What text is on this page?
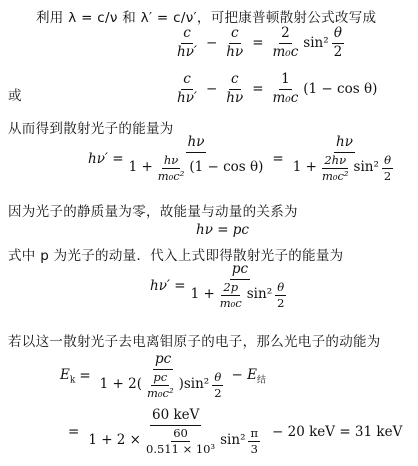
利用 λ = c/ν 和 λ′ = c/ν′，可把康普顿散射公式改写成
$\frac{c}{h\nu'} - \frac{c}{h\nu} = \frac{2}{\text{m₀c}} \sin^2 \frac{\theta}{2}$
或	$\frac{c}{h\nu'} - \frac{c}{h\nu} = \frac{1}{\text{m₀c}} (1 - \cos \theta)$
从而得到散射光子的能量为
$h\nu' = \frac{h\nu}{1 + \frac{h\nu}{\text{m₀c²}} (1 - \cos \theta)} = \frac{h\nu}{1 + \frac{2h\nu}{\text{m₀c²}} \sin^2 \frac{\theta}{2}}$
因为光子的静质量为零，故能量与动量的关系为
hν = pc
式中 p 为光子的动量．代入上式即得散射光子的能量为
$h\nu' = \frac{pc}{1 + \frac{2p}{\text{m₀c}} \sin^2 \frac{\theta}{2}}$
若以这一散射光子去电离钼原子的电子，那么光电子的动能为
$E_k$ =
pc
1 + 2 ( $\frac{pc}{\text{m₀c²}}$ ) $\sin^2 \frac{\theta}{2} - E_结$
= $\frac{\text{60 keV}}{1 + 2 \times \frac{60}{\text{0.511 × 10³}} \sin^2 \frac{\pi}{3}} - 20$ keV = 31 keV
